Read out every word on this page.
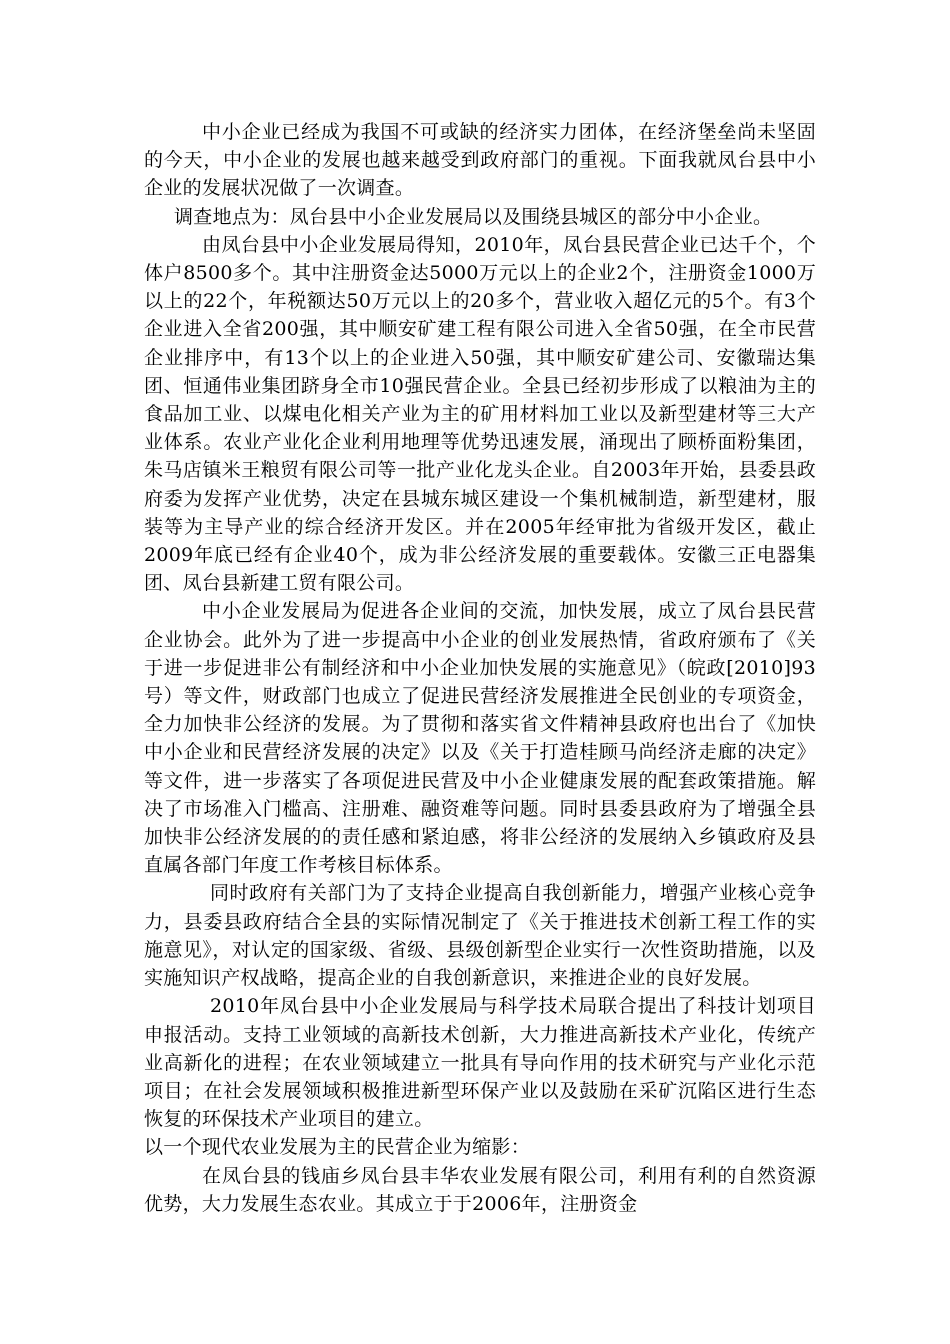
中小企业已经成为我国不可或缺的经济实力团体，在经济堡垒尚未坚固的今天，中小企业的发展也越来越受到政府部门的重视。下面我就凤台县中小企业的发展状况做了一次调查。

调查地点为：凤台县中小企业发展局以及围绕县城区的部分中小企业。

由凤台县中小企业发展局得知，2010年，凤台县民营企业已达千个，个体户8500多个。其中注册资金达5000万元以上的企业2个，注册资金1000万以上的22个，年税额达50万元以上的20多个，营业收入超亿元的5个。有3个企业进入全省200强，其中顺安矿建工程有限公司进入全省50强，在全市民营企业排序中，有13个以上的企业进入50强，其中顺安矿建公司、安徽瑞达集团、恒通伟业集团跻身全市10强民营企业。全县已经初步形成了以粮油为主的食品加工业、以煤电化相关产业为主的矿用材料加工业以及新型建材等三大产业体系。农业产业化企业利用地理等优势迅速发展，涌现出了顾桥面粉集团，朱马店镇米王粮贸有限公司等一批产业化龙头企业。自2003年开始，县委县政府委为发挥产业优势，决定在县城东城区建设一个集机械制造，新型建材，服装等为主导产业的综合经济开发区。并在2005年经审批为省级开发区，截止2009年底已经有企业40个，成为非公经济发展的重要载体。安徽三正电器集团、凤台县新建工贸有限公司。

中小企业发展局为促进各企业间的交流，加快发展，成立了凤台县民营企业协会。此外为了进一步提高中小企业的创业发展热情，省政府颁布了《关于进一步促进非公有制经济和中小企业加快发展的实施意见》（皖政[2010]93号）等文件，财政部门也成立了促进民营经济发展推进全民创业的专项资金，全力加快非公经济的发展。为了贯彻和落实省文件精神县政府也出台了《加快中小企业和民营经济发展的决定》以及《关于打造桂顾马尚经济走廊的决定》等文件，进一步落实了各项促进民营及中小企业健康发展的配套政策措施。解决了市场准入门槛高、注册难、融资难等问题。同时县委县政府为了增强全县加快非公经济发展的的责任感和紧迫感，将非公经济的发展纳入乡镇政府及县直属各部门年度工作考核目标体系。

同时政府有关部门为了支持企业提高自我创新能力，增强产业核心竞争力，县委县政府结合全县的实际情况制定了《关于推进技术创新工程工作的实施意见》，对认定的国家级、省级、县级创新型企业实行一次性资助措施，以及实施知识产权战略，提高企业的自我创新意识，来推进企业的良好发展。

2010年凤台县中小企业发展局与科学技术局联合提出了科技计划项目申报活动。支持工业领域的高新技术创新，大力推进高新技术产业化，传统产业高新化的进程；在农业领域建立一批具有导向作用的技术研究与产业化示范项目；在社会发展领域积极推进新型环保产业以及鼓励在采矿沉陷区进行生态恢复的环保技术产业项目的建立。

以一个现代农业发展为主的民营企业为缩影：

在凤台县的钱庙乡凤台县丰华农业发展有限公司，利用有利的自然资源优势，大力发展生态农业。其成立于于2006年，注册资金
